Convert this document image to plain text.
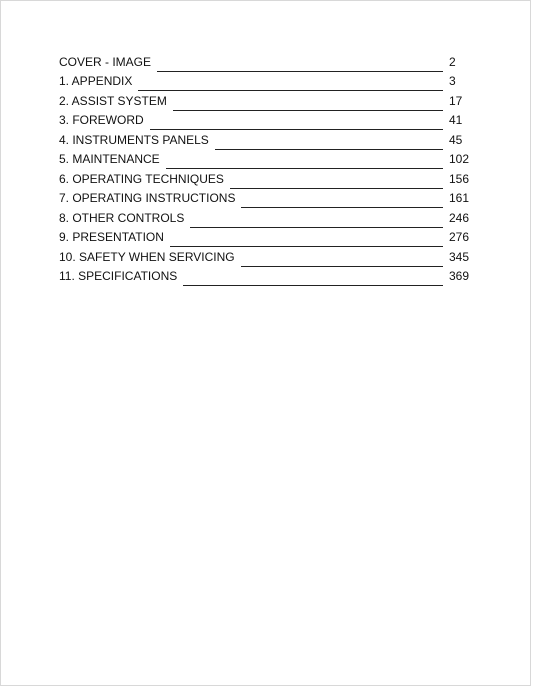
COVER - IMAGE	2
1. APPENDIX	3
2. ASSIST SYSTEM	17
3. FOREWORD	41
4. INSTRUMENTS PANELS	45
5. MAINTENANCE	102
6. OPERATING TECHNIQUES	156
7. OPERATING INSTRUCTIONS	161
8. OTHER CONTROLS	246
9. PRESENTATION	276
10. SAFETY WHEN SERVICING	345
11. SPECIFICATIONS	369
